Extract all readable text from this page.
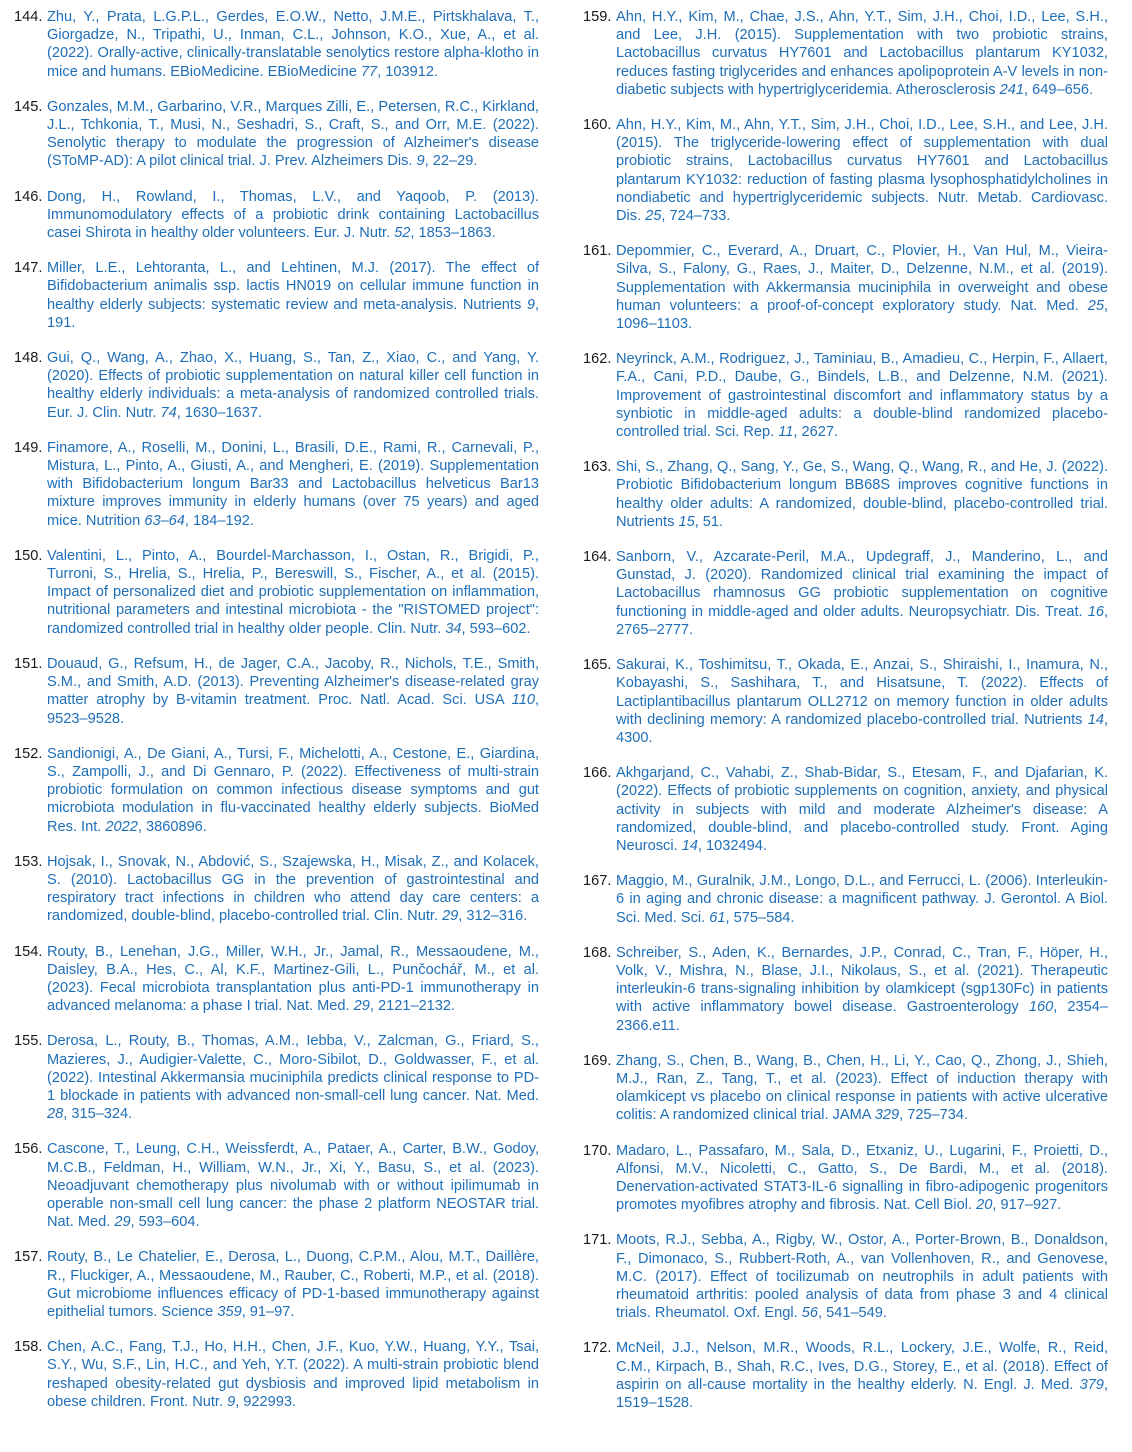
144. Zhu, Y., Prata, L.G.P.L., Gerdes, E.O.W., Netto, J.M.E., Pirtskhalava, T., Giorgadze, N., Tripathi, U., Inman, C.L., Johnson, K.O., Xue, A., et al. (2022). Orally-active, clinically-translatable senolytics restore alpha-klotho in mice and humans. EBioMedicine. EBioMedicine 77, 103912.
145. Gonzales, M.M., Garbarino, V.R., Marques Zilli, E., Petersen, R.C., Kirkland, J.L., Tchkonia, T., Musi, N., Seshadri, S., Craft, S., and Orr, M.E. (2022). Senolytic therapy to modulate the progression of Alzheimer's disease (SToMP-AD): A pilot clinical trial. J. Prev. Alzheimers Dis. 9, 22–29.
146. Dong, H., Rowland, I., Thomas, L.V., and Yaqoob, P. (2013). Immunomodulatory effects of a probiotic drink containing Lactobacillus casei Shirota in healthy older volunteers. Eur. J. Nutr. 52, 1853–1863.
147. Miller, L.E., Lehtoranta, L., and Lehtinen, M.J. (2017). The effect of Bifidobacterium animalis ssp. lactis HN019 on cellular immune function in healthy elderly subjects: systematic review and meta-analysis. Nutrients 9, 191.
148. Gui, Q., Wang, A., Zhao, X., Huang, S., Tan, Z., Xiao, C., and Yang, Y. (2020). Effects of probiotic supplementation on natural killer cell function in healthy elderly individuals: a meta-analysis of randomized controlled trials. Eur. J. Clin. Nutr. 74, 1630–1637.
149. Finamore, A., Roselli, M., Donini, L., Brasili, D.E., Rami, R., Carnevali, P., Mistura, L., Pinto, A., Giusti, A., and Mengheri, E. (2019). Supplementation with Bifidobacterium longum Bar33 and Lactobacillus helveticus Bar13 mixture improves immunity in elderly humans (over 75 years) and aged mice. Nutrition 63–64, 184–192.
150. Valentini, L., Pinto, A., Bourdel-Marchasson, I., Ostan, R., Brigidi, P., Turroni, S., Hrelia, S., Hrelia, P., Bereswill, S., Fischer, A., et al. (2015). Impact of personalized diet and probiotic supplementation on inflammation, nutritional parameters and intestinal microbiota - the "RISTOMED project": randomized controlled trial in healthy older people. Clin. Nutr. 34, 593–602.
151. Douaud, G., Refsum, H., de Jager, C.A., Jacoby, R., Nichols, T.E., Smith, S.M., and Smith, A.D. (2013). Preventing Alzheimer's disease-related gray matter atrophy by B-vitamin treatment. Proc. Natl. Acad. Sci. USA 110, 9523–9528.
152. Sandionigi, A., De Giani, A., Tursi, F., Michelotti, A., Cestone, E., Giardina, S., Zampolli, J., and Di Gennaro, P. (2022). Effectiveness of multi-strain probiotic formulation on common infectious disease symptoms and gut microbiota modulation in flu-vaccinated healthy elderly subjects. BioMed Res. Int. 2022, 3860896.
153. Hojsak, I., Snovak, N., Abdović, S., Szajewska, H., Misak, Z., and Kolacek, S. (2010). Lactobacillus GG in the prevention of gastrointestinal and respiratory tract infections in children who attend day care centers: a randomized, double-blind, placebo-controlled trial. Clin. Nutr. 29, 312–316.
154. Routy, B., Lenehan, J.G., Miller, W.H., Jr., Jamal, R., Messaoudene, M., Daisley, B.A., Hes, C., Al, K.F., Martinez-Gili, L., Punčochář, M., et al. (2023). Fecal microbiota transplantation plus anti-PD-1 immunotherapy in advanced melanoma: a phase I trial. Nat. Med. 29, 2121–2132.
155. Derosa, L., Routy, B., Thomas, A.M., Iebba, V., Zalcman, G., Friard, S., Mazieres, J., Audigier-Valette, C., Moro-Sibilot, D., Goldwasser, F., et al. (2022). Intestinal Akkermansia muciniphila predicts clinical response to PD-1 blockade in patients with advanced non-small-cell lung cancer. Nat. Med. 28, 315–324.
156. Cascone, T., Leung, C.H., Weissferdt, A., Pataer, A., Carter, B.W., Godoy, M.C.B., Feldman, H., William, W.N., Jr., Xi, Y., Basu, S., et al. (2023). Neoadjuvant chemotherapy plus nivolumab with or without ipilimumab in operable non-small cell lung cancer: the phase 2 platform NEOSTAR trial. Nat. Med. 29, 593–604.
157. Routy, B., Le Chatelier, E., Derosa, L., Duong, C.P.M., Alou, M.T., Daillère, R., Fluckiger, A., Messaoudene, M., Rauber, C., Roberti, M.P., et al. (2018). Gut microbiome influences efficacy of PD-1-based immunotherapy against epithelial tumors. Science 359, 91–97.
158. Chen, A.C., Fang, T.J., Ho, H.H., Chen, J.F., Kuo, Y.W., Huang, Y.Y., Tsai, S.Y., Wu, S.F., Lin, H.C., and Yeh, Y.T. (2022). A multi-strain probiotic blend reshaped obesity-related gut dysbiosis and improved lipid metabolism in obese children. Front. Nutr. 9, 922993.
159. Ahn, H.Y., Kim, M., Chae, J.S., Ahn, Y.T., Sim, J.H., Choi, I.D., Lee, S.H., and Lee, J.H. (2015). Supplementation with two probiotic strains, Lactobacillus curvatus HY7601 and Lactobacillus plantarum KY1032, reduces fasting triglycerides and enhances apolipoprotein A-V levels in non-diabetic subjects with hypertriglyceridemia. Atherosclerosis 241, 649–656.
160. Ahn, H.Y., Kim, M., Ahn, Y.T., Sim, J.H., Choi, I.D., Lee, S.H., and Lee, J.H. (2015). The triglyceride-lowering effect of supplementation with dual probiotic strains, Lactobacillus curvatus HY7601 and Lactobacillus plantarum KY1032: reduction of fasting plasma lysophosphatidylcholines in nondiabetic and hypertriglyceridemic subjects. Nutr. Metab. Cardiovasc. Dis. 25, 724–733.
161. Depommier, C., Everard, A., Druart, C., Plovier, H., Van Hul, M., Vieira-Silva, S., Falony, G., Raes, J., Maiter, D., Delzenne, N.M., et al. (2019). Supplementation with Akkermansia muciniphila in overweight and obese human volunteers: a proof-of-concept exploratory study. Nat. Med. 25, 1096–1103.
162. Neyrinck, A.M., Rodriguez, J., Taminiau, B., Amadieu, C., Herpin, F., Allaert, F.A., Cani, P.D., Daube, G., Bindels, L.B., and Delzenne, N.M. (2021). Improvement of gastrointestinal discomfort and inflammatory status by a synbiotic in middle-aged adults: a double-blind randomized placebo-controlled trial. Sci. Rep. 11, 2627.
163. Shi, S., Zhang, Q., Sang, Y., Ge, S., Wang, Q., Wang, R., and He, J. (2022). Probiotic Bifidobacterium longum BB68S improves cognitive functions in healthy older adults: A randomized, double-blind, placebo-controlled trial. Nutrients 15, 51.
164. Sanborn, V., Azcarate-Peril, M.A., Updegraff, J., Manderino, L., and Gunstad, J. (2020). Randomized clinical trial examining the impact of Lactobacillus rhamnosus GG probiotic supplementation on cognitive functioning in middle-aged and older adults. Neuropsychiatr. Dis. Treat. 16, 2765–2777.
165. Sakurai, K., Toshimitsu, T., Okada, E., Anzai, S., Shiraishi, I., Inamura, N., Kobayashi, S., Sashihara, T., and Hisatsune, T. (2022). Effects of Lactiplantibacillus plantarum OLL2712 on memory function in older adults with declining memory: A randomized placebo-controlled trial. Nutrients 14, 4300.
166. Akhgarjand, C., Vahabi, Z., Shab-Bidar, S., Etesam, F., and Djafarian, K. (2022). Effects of probiotic supplements on cognition, anxiety, and physical activity in subjects with mild and moderate Alzheimer's disease: A randomized, double-blind, and placebo-controlled study. Front. Aging Neurosci. 14, 1032494.
167. Maggio, M., Guralnik, J.M., Longo, D.L., and Ferrucci, L. (2006). Interleukin-6 in aging and chronic disease: a magnificent pathway. J. Gerontol. A Biol. Sci. Med. Sci. 61, 575–584.
168. Schreiber, S., Aden, K., Bernardes, J.P., Conrad, C., Tran, F., Höper, H., Volk, V., Mishra, N., Blase, J.I., Nikolaus, S., et al. (2021). Therapeutic interleukin-6 trans-signaling inhibition by olamkicept (sgp130Fc) in patients with active inflammatory bowel disease. Gastroenterology 160, 2354–2366.e11.
169. Zhang, S., Chen, B., Wang, B., Chen, H., Li, Y., Cao, Q., Zhong, J., Shieh, M.J., Ran, Z., Tang, T., et al. (2023). Effect of induction therapy with olamkicept vs placebo on clinical response in patients with active ulcerative colitis: A randomized clinical trial. JAMA 329, 725–734.
170. Madaro, L., Passafaro, M., Sala, D., Etxaniz, U., Lugarini, F., Proietti, D., Alfonsi, M.V., Nicoletti, C., Gatto, S., De Bardi, M., et al. (2018). Denervation-activated STAT3-IL-6 signalling in fibro-adipogenic progenitors promotes myofibres atrophy and fibrosis. Nat. Cell Biol. 20, 917–927.
171. Moots, R.J., Sebba, A., Rigby, W., Ostor, A., Porter-Brown, B., Donaldson, F., Dimonaco, S., Rubbert-Roth, A., van Vollenhoven, R., and Genovese, M.C. (2017). Effect of tocilizumab on neutrophils in adult patients with rheumatoid arthritis: pooled analysis of data from phase 3 and 4 clinical trials. Rheumatol. Oxf. Engl. 56, 541–549.
172. McNeil, J.J., Nelson, M.R., Woods, R.L., Lockery, J.E., Wolfe, R., Reid, C.M., Kirpach, B., Shah, R.C., Ives, D.G., Storey, E., et al. (2018). Effect of aspirin on all-cause mortality in the healthy elderly. N. Engl. J. Med. 379, 1519–1528.
